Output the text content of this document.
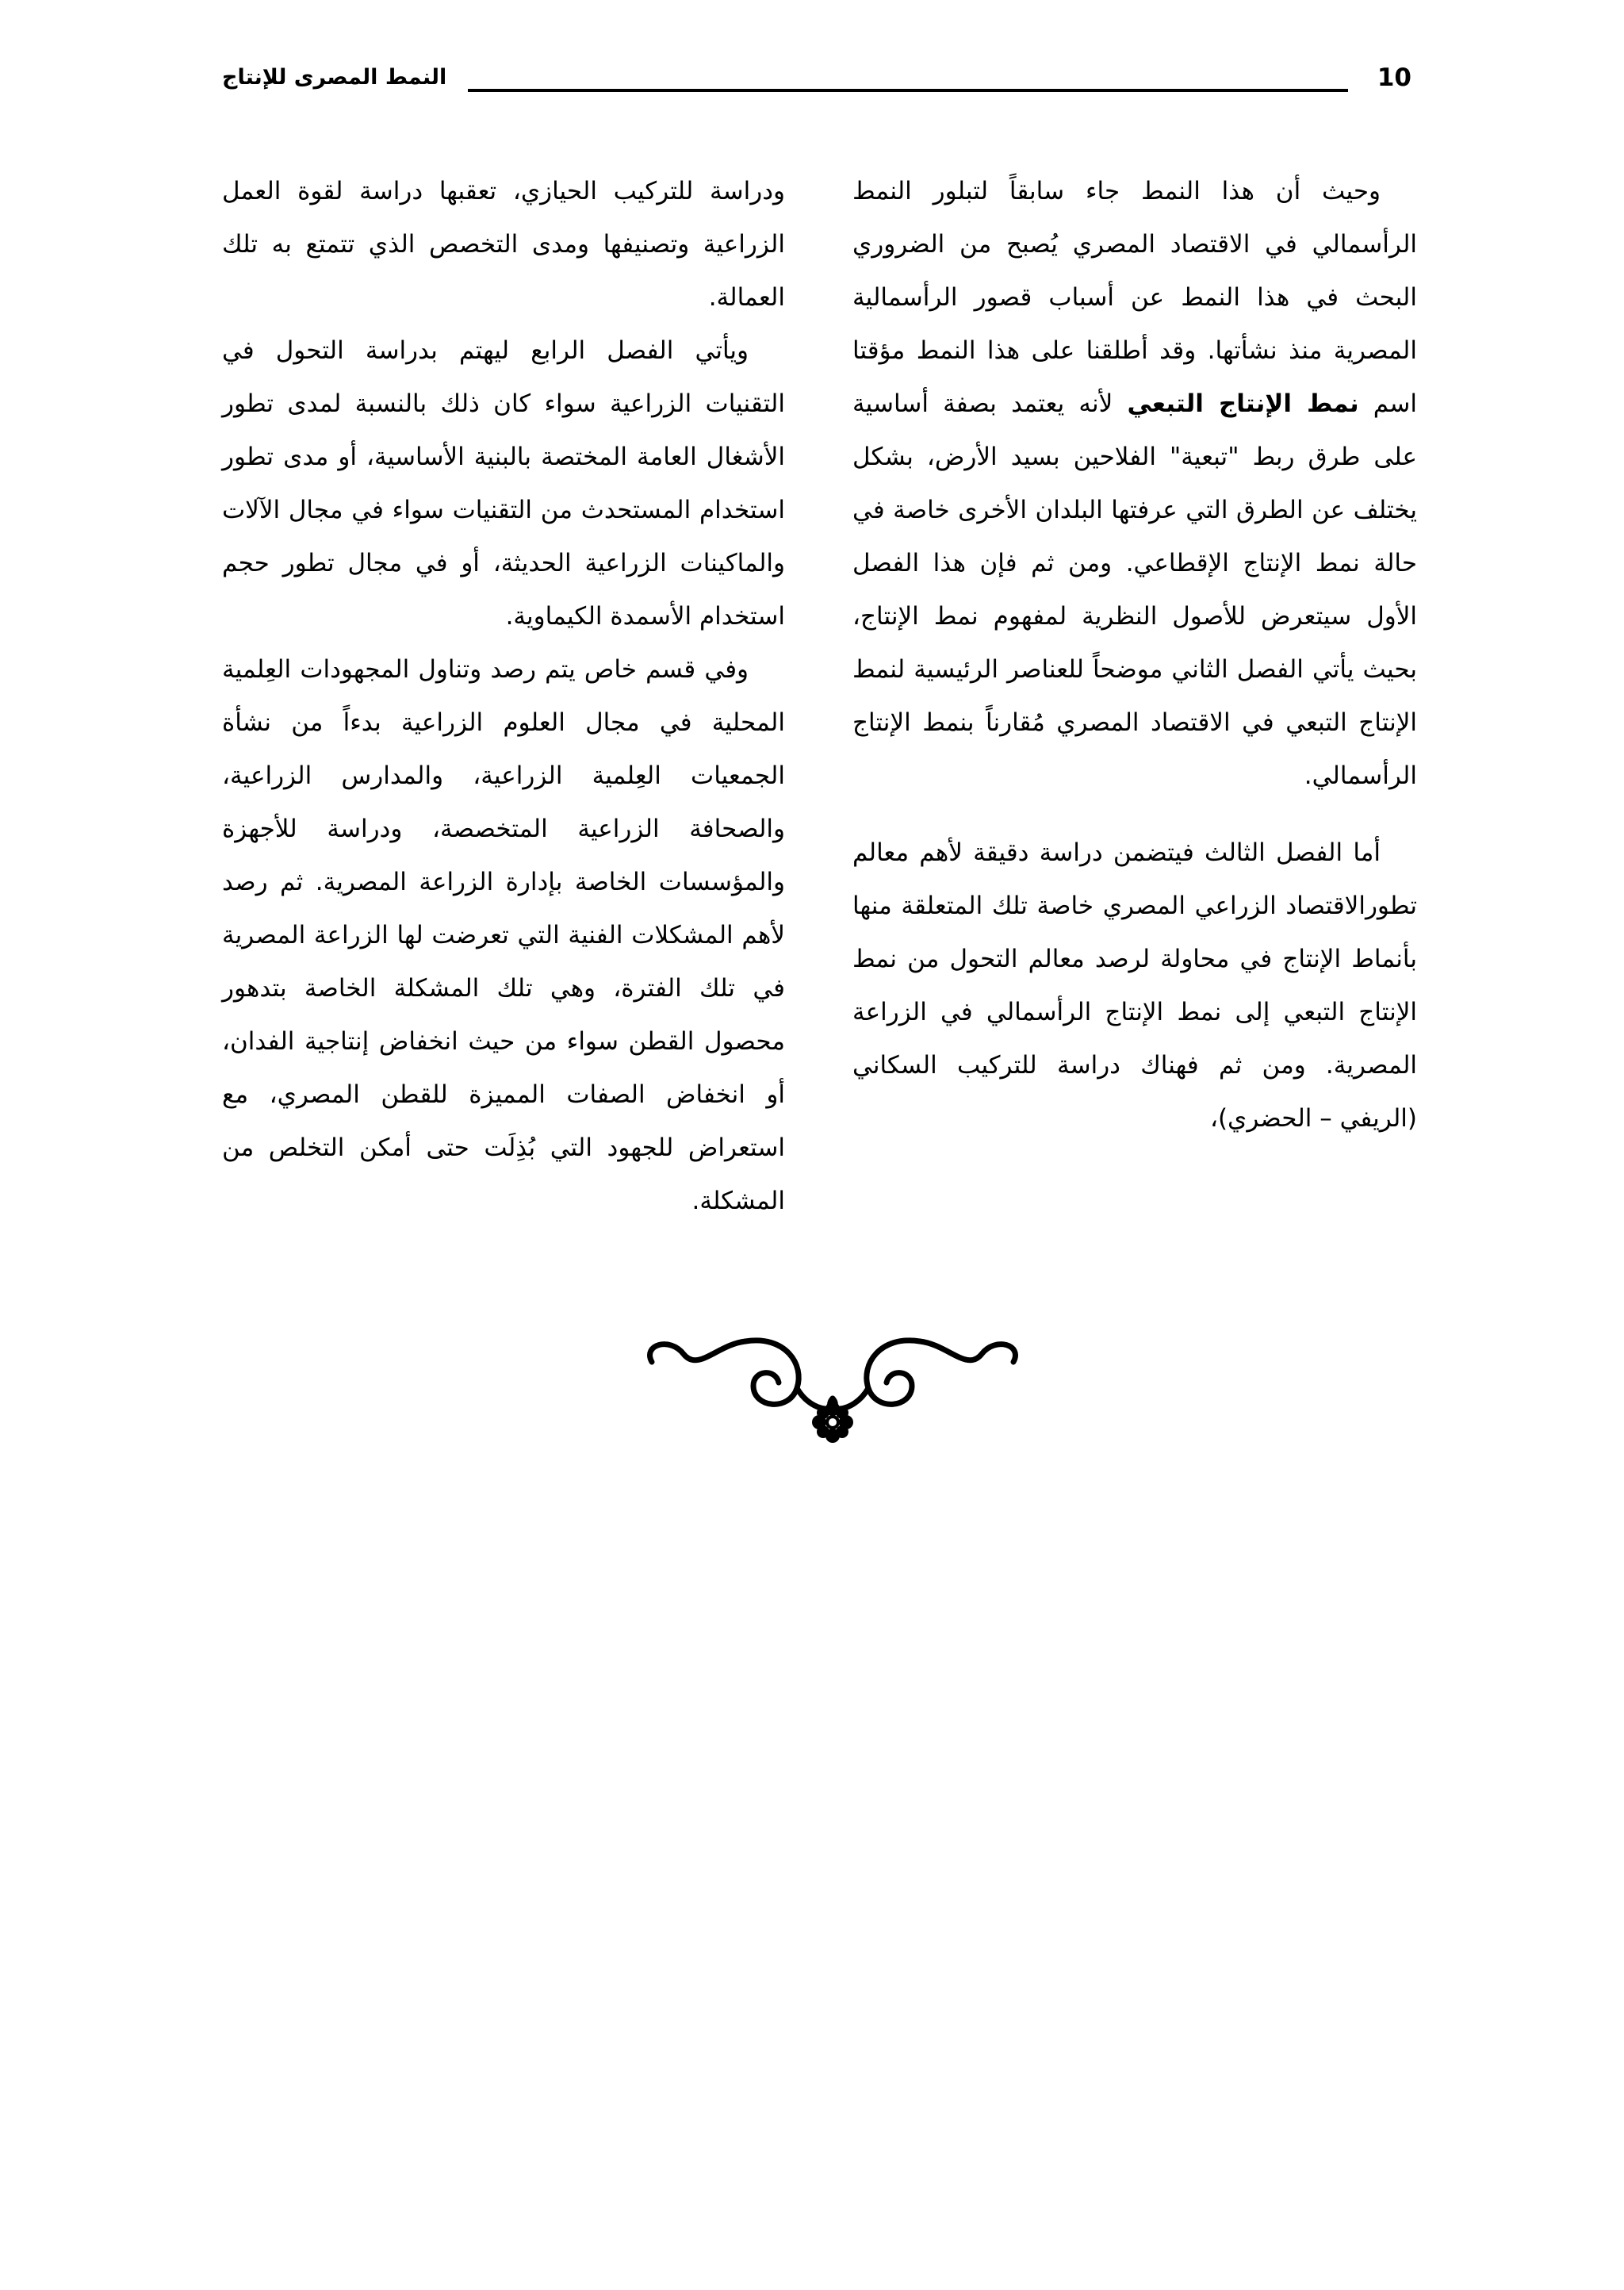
النمط المصرى للإنتاج	10

وحيث أن هذا النمط جاء سابقاً لتبلور النمط الرأسمالي في الاقتصاد المصري يُصبح من الضروري البحث في هذا النمط عن أسباب قصور الرأسمالية المصرية منذ نشأتها. وقد أطلقنا على هذا النمط مؤقتا اسم نمط الإنتاج التبعي لأنه يعتمد بصفة أساسية على طرق ربط "تبعية" الفلاحين بسيد الأرض، بشكل يختلف عن الطرق التي عرفتها البلدان الأخرى خاصة في حالة نمط الإنتاج الإقطاعي. ومن ثم فإن هذا الفصل الأول سيتعرض للأصول النظرية لمفهوم نمط الإنتاج، بحيث يأتي الفصل الثاني موضحاً للعناصر الرئيسية لنمط الإنتاج التبعي في الاقتصاد المصري مُقارناً بنمط الإنتاج الرأسمالي.

أما الفصل الثالث فيتضمن دراسة دقيقة لأهم معالم تطورالاقتصاد الزراعي المصري خاصة تلك المتعلقة منها بأنماط الإنتاج في محاولة لرصد معالم التحول من نمط الإنتاج التبعي إلى نمط الإنتاج الرأسمالي في الزراعة المصرية. ومن ثم فهناك دراسة للتركيب السكاني (الريفي – الحضري)،

ودراسة للتركيب الحيازي، تعقبها دراسة لقوة العمل الزراعية وتصنيفها ومدى التخصص الذي تتمتع به تلك العمالة.

ويأتي الفصل الرابع ليهتم بدراسة التحول في التقنيات الزراعية سواء كان ذلك بالنسبة لمدى تطور الأشغال العامة المختصة بالبنية الأساسية، أو مدى تطور استخدام المستحدث من التقنيات سواء في مجال الآلات والماكينات الزراعية الحديثة، أو في مجال تطور حجم استخدام الأسمدة الكيماوية.

وفي قسم خاص يتم رصد وتناول المجهودات العِلمية المحلية في مجال العلوم الزراعية بدءاً من نشأة الجمعيات العِلمية الزراعية، والمدارس الزراعية، والصحافة الزراعية المتخصصة، ودراسة للأجهزة والمؤسسات الخاصة بإدارة الزراعة المصرية. ثم رصد لأهم المشكلات الفنية التي تعرضت لها الزراعة المصرية في تلك الفترة، وهي تلك المشكلة الخاصة بتدهور محصول القطن سواء من حيث انخفاض إنتاجية الفدان، أو انخفاض الصفات المميزة للقطن المصري، مع استعراض للجهود التي بُذِلَت حتى أمكن التخلص من المشكلة.
